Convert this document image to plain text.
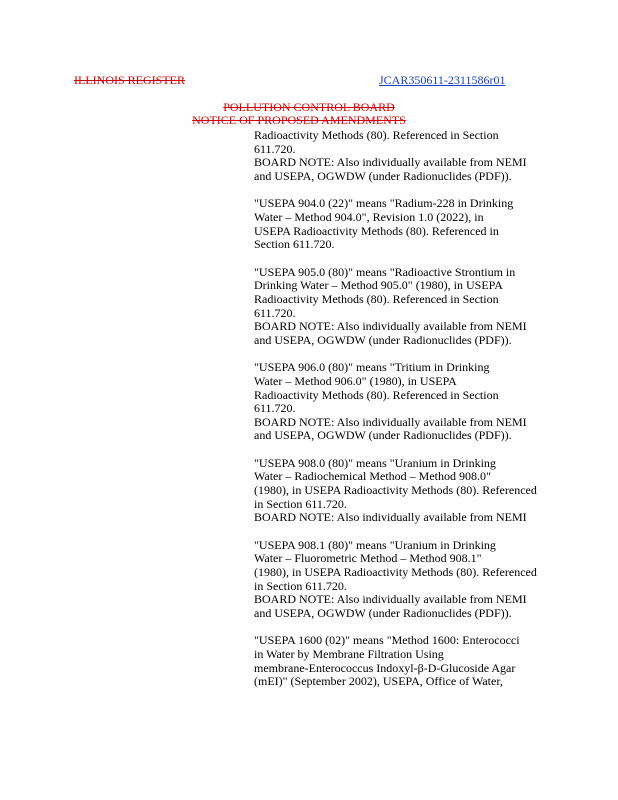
ILLINOIS REGISTER	JCAR350611-2311586r01
POLLUTION CONTROL BOARD
NOTICE OF PROPOSED AMENDMENTS

Radioactivity Methods (80). Referenced in Section

611.720.

BOARD NOTE: Also individually available from NEMI

and USEPA, OGWDW (under Radionuclides (PDF)).

"USEPA 904.0 (22)" means "Radium-228 in Drinking

Water – Method 904.0", Revision 1.0 (2022), in

USEPA Radioactivity Methods (80). Referenced in

Section 611.720.

"USEPA 905.0 (80)" means "Radioactive Strontium in

Drinking Water – Method 905.0" (1980), in USEPA

Radioactivity Methods (80). Referenced in Section

611.720.

BOARD NOTE: Also individually available from NEMI

and USEPA, OGWDW (under Radionuclides (PDF)).

"USEPA 906.0 (80)" means "Tritium in Drinking

Water – Method 906.0" (1980), in USEPA

Radioactivity Methods (80). Referenced in Section

611.720.

BOARD NOTE: Also individually available from NEMI

and USEPA, OGWDW (under Radionuclides (PDF)).

"USEPA 908.0 (80)" means "Uranium in Drinking

Water – Radiochemical Method – Method 908.0"

(1980), in USEPA Radioactivity Methods (80). Referenced

in Section 611.720.

BOARD NOTE: Also individually available from NEMI

"USEPA 908.1 (80)" means "Uranium in Drinking

Water – Fluorometric Method – Method 908.1"

(1980), in USEPA Radioactivity Methods (80). Referenced

in Section 611.720.

BOARD NOTE: Also individually available from NEMI

and USEPA, OGWDW (under Radionuclides (PDF)).

"USEPA 1600 (02)" means "Method 1600: Enterococci

in Water by Membrane Filtration Using

membrane-Enterococcus Indoxyl-β-D-Glucoside Agar

(mEI)" (September 2002), USEPA, Office of Water,
